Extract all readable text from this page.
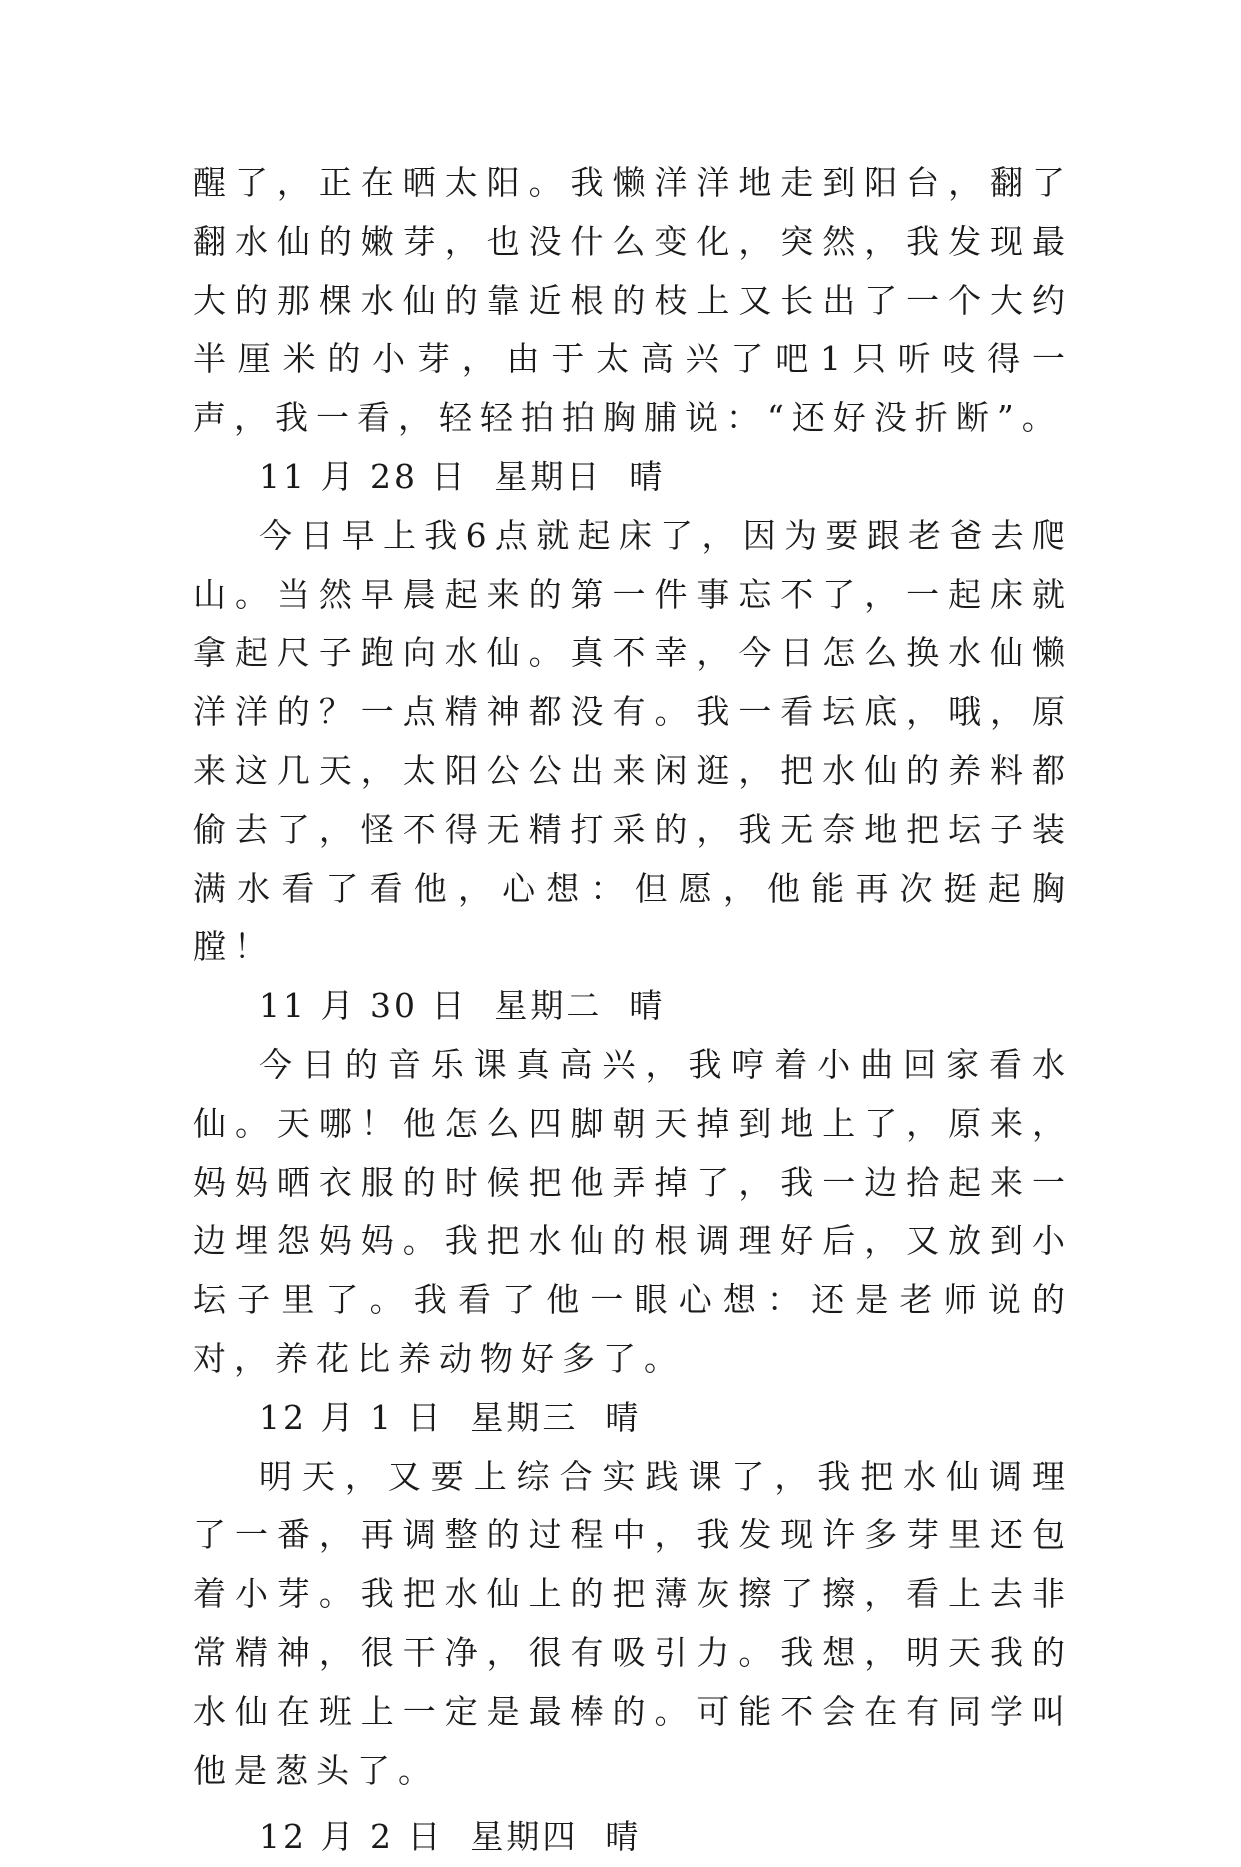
醒了，正在晒太阳。我懒洋洋地走到阳台，翻了翻水仙的嫩芽，也没什么变化，突然，我发现最大的那棵水仙的靠近根的枝上又长出了一个大约半厘米的小芽，由于太高兴了吧1只听吱得一声，我一看，轻轻拍拍胸脯说：“还好没折断”。

11 月 28 日  星期日  晴

今日早上我6点就起床了，因为要跟老爸去爬山。当然早晨起来的第一件事忘不了，一起床就拿起尺子跑向水仙。真不幸，今日怎么换水仙懒洋洋的？一点精神都没有。我一看坛底，哦，原来这几天，太阳公公出来闲逛，把水仙的养料都偷去了，怪不得无精打采的，我无奈地把坛子装满水看了看他，心想：但愿，他能再次挺起胸膛！

11 月 30 日  星期二  晴

今日的音乐课真高兴，我哼着小曲回家看水仙。天哪！他怎么四脚朝天掉到地上了，原来，妈妈晒衣服的时候把他弄掉了，我一边拾起来一边埋怨妈妈。我把水仙的根调理好后，又放到小坛子里了。我看了他一眼心想：还是老师说的对，养花比养动物好多了。

12 月 1 日  星期三  晴

明天，又要上综合实践课了，我把水仙调理了一番，再调整的过程中，我发现许多芽里还包着小芽。我把水仙上的把薄灰擦了擦，看上去非常精神，很干净，很有吸引力。我想，明天我的水仙在班上一定是最棒的。可能不会在有同学叫他是葱头了。

12 月 2 日  星期四  晴
